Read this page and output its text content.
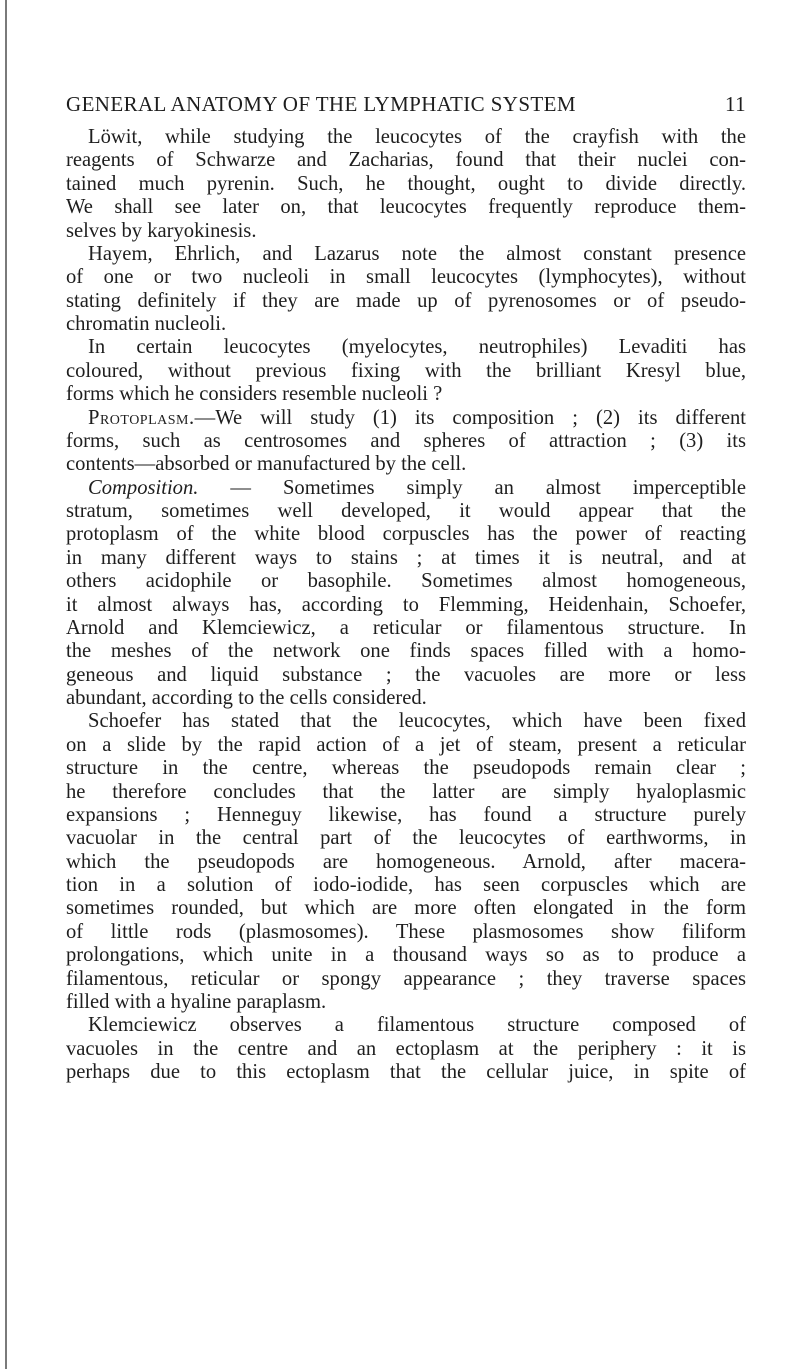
GENERAL ANATOMY OF THE LYMPHATIC SYSTEM	11
Löwit, while studying the leucocytes of the crayfish with the
reagents of Schwarze and Zacharias, found that their nuclei con-
tained much pyrenin. Such, he thought, ought to divide directly.
We shall see later on, that leucocytes frequently reproduce them-
selves by karyokinesis.
Hayem, Ehrlich, and Lazarus note the almost constant presence
of one or two nucleoli in small leucocytes (lymphocytes), without
stating definitely if they are made up of pyrenosomes or of pseudo-
chromatin nucleoli.
In certain leucocytes (myelocytes, neutrophiles) Levaditi has
coloured, without previous fixing with the brilliant Kresyl blue,
forms which he considers resemble nucleoli ?
Protoplasm.—We will study (1) its composition ; (2) its different
forms, such as centrosomes and spheres of attraction ; (3) its
contents—absorbed or manufactured by the cell.
Composition. — Sometimes simply an almost imperceptible
stratum, sometimes well developed, it would appear that the
protoplasm of the white blood corpuscles has the power of reacting
in many different ways to stains ; at times it is neutral, and at
others acidophile or basophile. Sometimes almost homogeneous,
it almost always has, according to Flemming, Heidenhain, Schoefer,
Arnold and Klemciewicz, a reticular or filamentous structure. In
the meshes of the network one finds spaces filled with a homo-
geneous and liquid substance ; the vacuoles are more or less
abundant, according to the cells considered.
Schoefer has stated that the leucocytes, which have been fixed
on a slide by the rapid action of a jet of steam, present a reticular
structure in the centre, whereas the pseudopods remain clear ;
he therefore concludes that the latter are simply hyaloplasmic
expansions ; Henneguy likewise, has found a structure purely
vacuolar in the central part of the leucocytes of earthworms, in
which the pseudopods are homogeneous. Arnold, after macera-
tion in a solution of iodo-iodide, has seen corpuscles which are
sometimes rounded, but which are more often elongated in the form
of little rods (plasmosomes). These plasmosomes show filiform
prolongations, which unite in a thousand ways so as to produce a
filamentous, reticular or spongy appearance ; they traverse spaces
filled with a hyaline paraplasm.
Klemciewicz observes a filamentous structure composed of
vacuoles in the centre and an ectoplasm at the periphery : it is
perhaps due to this ectoplasm that the cellular juice, in spite of
